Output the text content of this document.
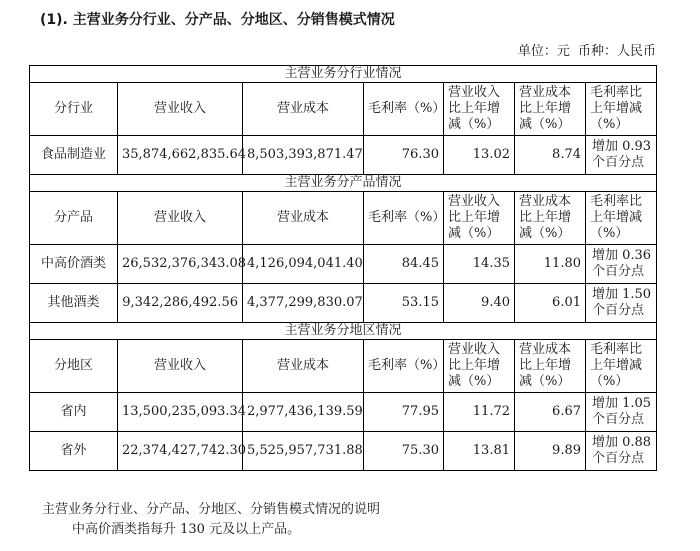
(1). 主营业务分行业、分产品、分地区、分销售模式情况
单位：元 币种：人民币
主营业务分行业情况						
分行业	营业收入	营业成本	毛利率（%）	营业收入比上年增减（%）	营业成本比上年增减（%）	毛利率比上年增减（%）
食品制造业	35,874,662,835.64	8,503,393,871.47	76.30	13.02	8.74	增加 0.93 个百分点
主营业务分产品情况						
分产品	营业收入	营业成本	毛利率（%）	营业收入比上年增减（%）	营业成本比上年增减（%）	毛利率比上年增减（%）
中高价酒类	26,532,376,343.08	4,126,094,041.40	84.45	14.35	11.80	增加 0.36 个百分点
其他酒类	9,342,286,492.56	4,377,299,830.07	53.15	9.40	6.01	增加 1.50 个百分点
主营业务分地区情况						
分地区	营业收入	营业成本	毛利率（%）	营业收入比上年增减（%）	营业成本比上年增减（%）	毛利率比上年增减（%）
省内	13,500,235,093.34	2,977,436,139.59	77.95	11.72	6.67	增加 1.05 个百分点
省外	22,374,427,742.30	5,525,957,731.88	75.30	13.81	9.89	增加 0.88 个百分点
主营业务分行业、分产品、分地区、分销售模式情况的说明
中高价酒类指每升 130 元及以上产品。
